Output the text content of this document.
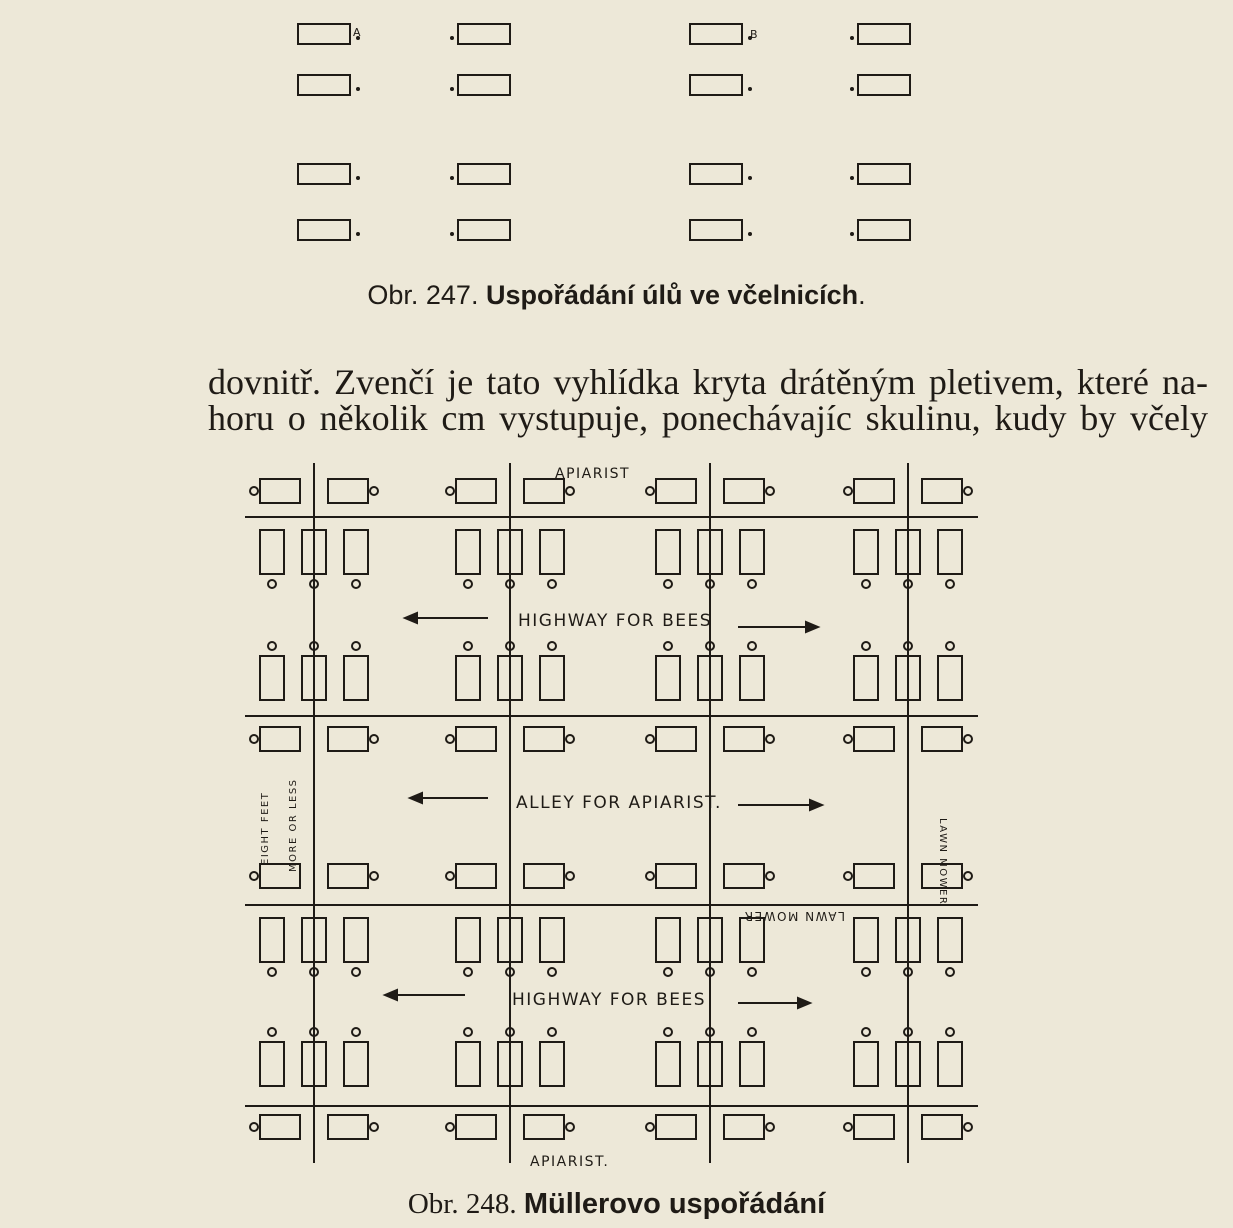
A	B
Obr. 247. Uspořádání úlů ve včelnicích.
dovnitř. Zvenčí je tato vyhlídka kryta drátěným pletivem, které na-
horu o několik cm vystupuje, ponechávajíc skulinu, kudy by včely
APIARIST
HIGHWAY FOR BEES
ALLEY FOR APIARIST.
EIGHT FEET MORE OR LESS	LAWN MOWER
LAWN MOWER
HIGHWAY FOR BEES
APIARIST.
Obr. 248. Müllerovo uspořádání
